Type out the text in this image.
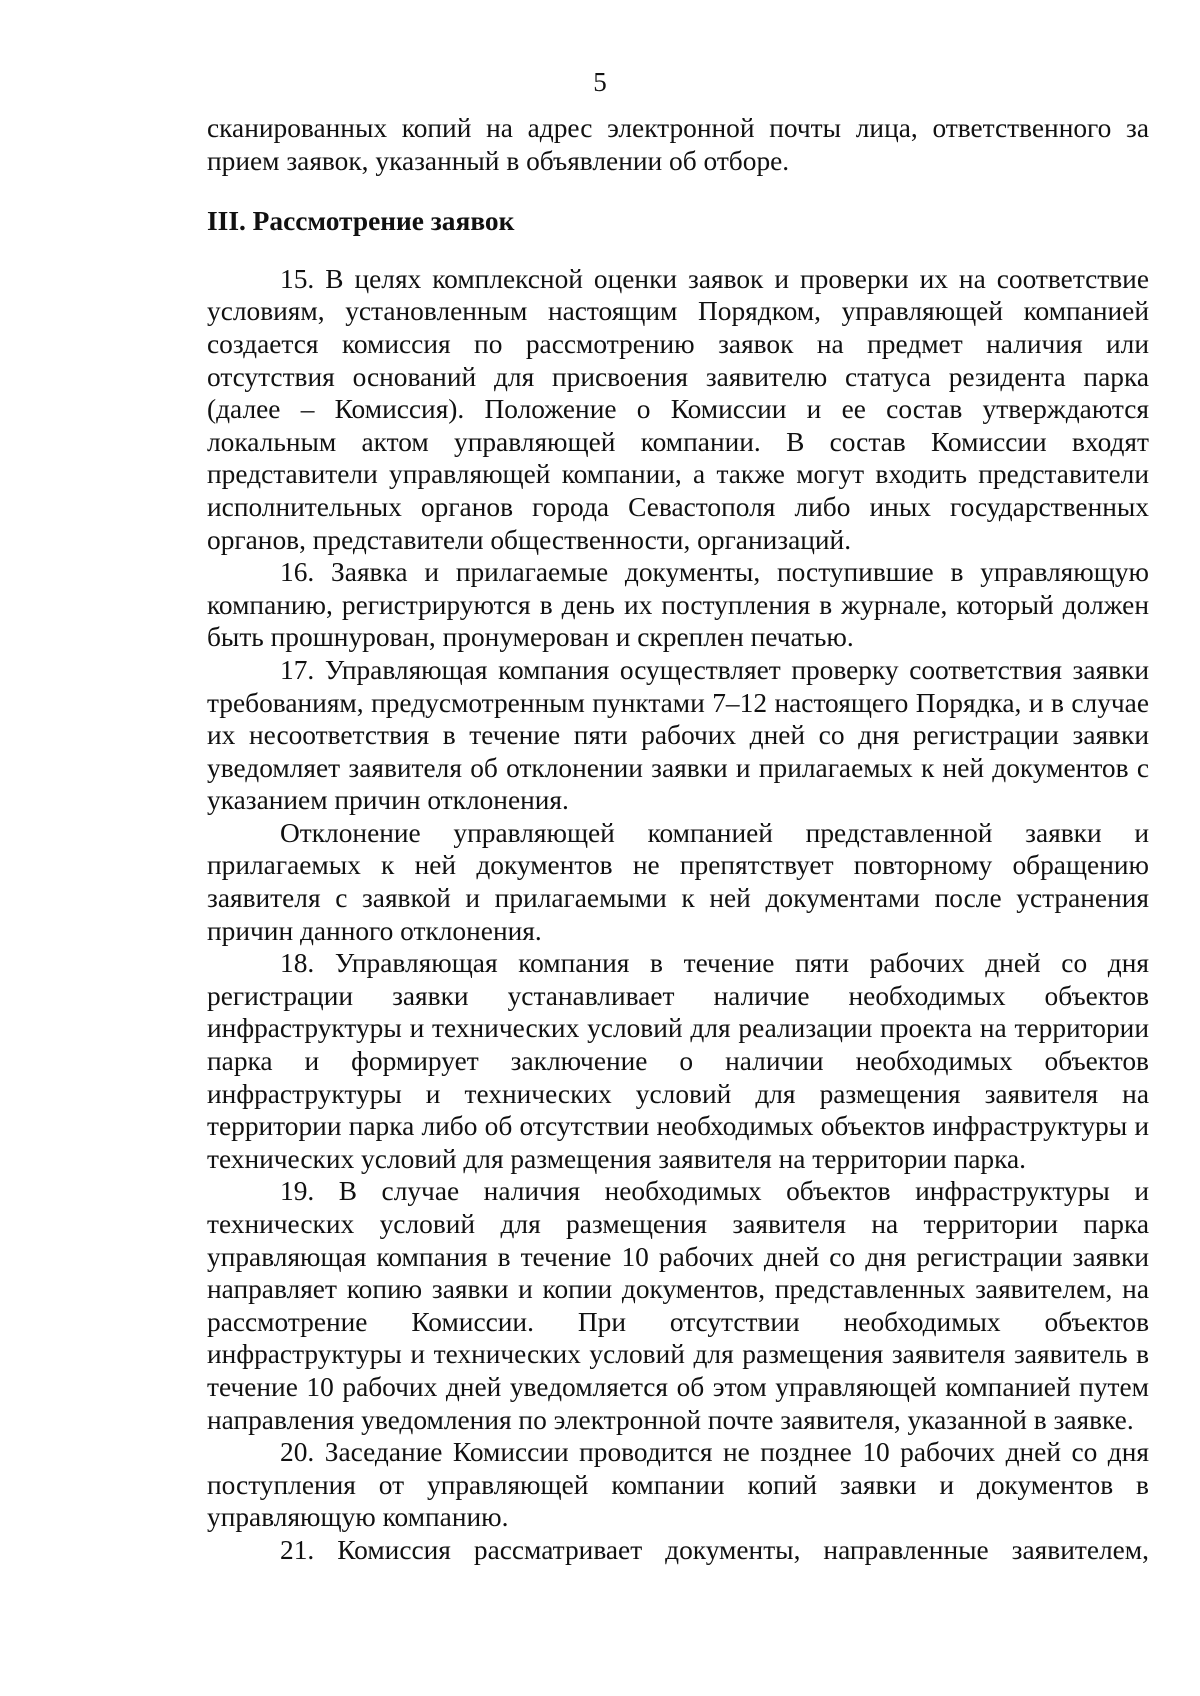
5

сканированных копий на адрес электронной почты лица, ответственного за прием заявок, указанный в объявлении об отборе.

III. Рассмотрение заявок

15. В целях комплексной оценки заявок и проверки их на соответствие условиям, установленным настоящим Порядком, управляющей компанией создается комиссия по рассмотрению заявок на предмет наличия или отсутствия оснований для присвоения заявителю статуса резидента парка (далее – Комиссия). Положение о Комиссии и ее состав утверждаются локальным актом управляющей компании. В состав Комиссии входят представители управляющей компании, а также могут входить представители исполнительных органов города Севастополя либо иных государственных органов, представители общественности, организаций.

16. Заявка и прилагаемые документы, поступившие в управляющую компанию, регистрируются в день их поступления в журнале, который должен быть прошнурован, пронумерован и скреплен печатью.

17. Управляющая компания осуществляет проверку соответствия заявки требованиям, предусмотренным пунктами 7–12 настоящего Порядка, и в случае их несоответствия в течение пяти рабочих дней со дня регистрации заявки уведомляет заявителя об отклонении заявки и прилагаемых к ней документов с указанием причин отклонения.

Отклонение управляющей компанией представленной заявки и прилагаемых к ней документов не препятствует повторному обращению заявителя с заявкой и прилагаемыми к ней документами после устранения причин данного отклонения.

18. Управляющая компания в течение пяти рабочих дней со дня регистрации заявки устанавливает наличие необходимых объектов инфраструктуры и технических условий для реализации проекта на территории парка и формирует заключение о наличии необходимых объектов инфраструктуры и технических условий для размещения заявителя на территории парка либо об отсутствии необходимых объектов инфраструктуры и технических условий для размещения заявителя на территории парка.

19. В случае наличия необходимых объектов инфраструктуры и технических условий для размещения заявителя на территории парка управляющая компания в течение 10 рабочих дней со дня регистрации заявки направляет копию заявки и копии документов, представленных заявителем, на рассмотрение Комиссии. При отсутствии необходимых объектов инфраструктуры и технических условий для размещения заявителя заявитель в течение 10 рабочих дней уведомляется об этом управляющей компанией путем направления уведомления по электронной почте заявителя, указанной в заявке.

20. Заседание Комиссии проводится не позднее 10 рабочих дней со дня поступления от управляющей компании копий заявки и документов в управляющую компанию.

21. Комиссия рассматривает документы, направленные заявителем,
